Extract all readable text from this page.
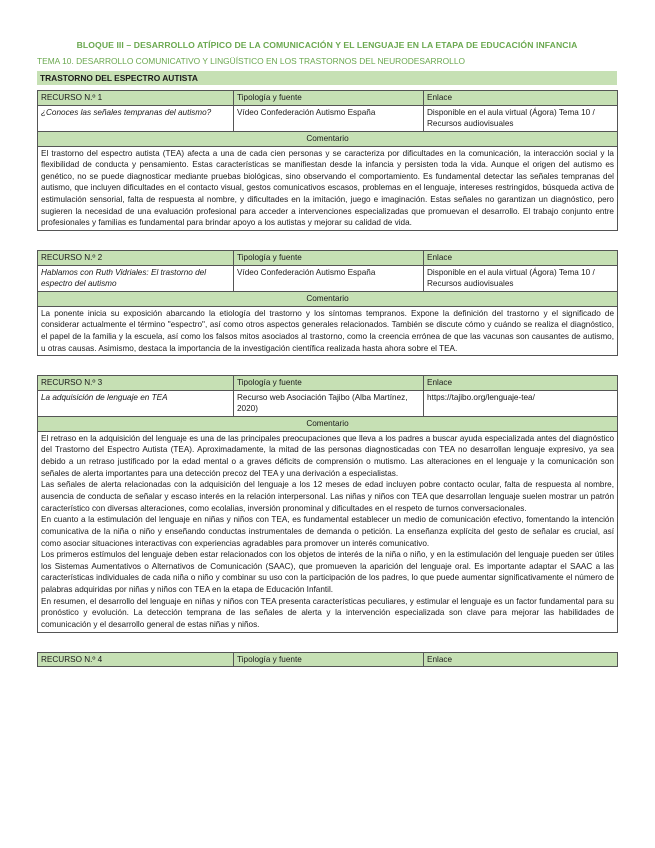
BLOQUE III – DESARROLLO ATÍPICO DE LA COMUNICACIÓN Y EL LENGUAJE EN LA ETAPA DE EDUCACIÓN INFANCIA
TEMA 10. DESARROLLO COMUNICATIVO Y LINGÜÍSTICO EN LOS TRASTORNOS DEL NEURODESARROLLO
TRASTORNO DEL ESPECTRO AUTISTA
RECURSO N.º 1	Tipología y fuente	Enlace
¿Conoces las señales tempranas del autismo?	Vídeo Confederación Autismo España	Disponible en el aula virtual (Ágora) Tema 10 / Recursos audiovisuales
Comentario		

El trastorno del espectro autista (TEA) afecta a una de cada cien personas y se caracteriza por dificultades en la comunicación, la interacción social y la flexibilidad de conducta y pensamiento. Estas características se manifiestan desde la infancia y persisten toda la vida. Aunque el origen del autismo es genético, no se puede diagnosticar mediante pruebas biológicas, sino observando el comportamiento. Es fundamental detectar las señales tempranas del autismo, que incluyen dificultades en el contacto visual, gestos comunicativos escasos, problemas en el lenguaje, intereses restringidos, búsqueda activa de estimulación sensorial, falta de respuesta al nombre, y dificultades en la imitación, juego e imaginación. Estas señales no garantizan un diagnóstico, pero sugieren la necesidad de una evaluación profesional para acceder a intervenciones especializadas que promuevan el desarrollo. El trabajo conjunto entre profesionales y familias es fundamental para brindar apoyo a los autistas y mejorar su calidad de vida.		

RECURSO N.º 2	Tipología y fuente	Enlace
Hablamos con Ruth Vidriales: El trastorno del espectro del autismo	Vídeo Confederación Autismo España	Disponible en el aula virtual (Ágora) Tema 10 / Recursos audiovisuales
Comentario		

La ponente inicia su exposición abarcando la etiología del trastorno y los síntomas tempranos. Expone la definición del trastorno y el significado de considerar actualmente el término "espectro", así como otros aspectos generales relacionados. También se discute cómo y cuándo se realiza el diagnóstico, el papel de la familia y la escuela, así como los falsos mitos asociados al trastorno, como la creencia errónea de que las vacunas son causantes de autismo, u otras causas. Asimismo, destaca la importancia de la investigación científica realizada hasta ahora sobre el TEA.		

RECURSO N.º 3	Tipología y fuente	Enlace
La adquisición de lenguaje en TEA	Recurso web Asociación Tajibo (Alba Martínez, 2020)	https://tajibo.org/lenguaje-tea/
Comentario		

El retraso en la adquisición del lenguaje es una de las principales preocupaciones que lleva a los padres a buscar ayuda especializada antes del diagnóstico del Trastorno del Espectro Autista (TEA). Aproximadamente, la mitad de las personas diagnosticadas con TEA no desarrollan lenguaje expresivo, ya sea debido a un retraso justificado por la edad mental o a graves déficits de comprensión o mutismo. Las alteraciones en el lenguaje y la comunicación son señales de alerta importantes para una detección precoz del TEA y una derivación a especialistas.

Las señales de alerta relacionadas con la adquisición del lenguaje a los 12 meses de edad incluyen pobre contacto ocular, falta de respuesta al nombre, ausencia de conducta de señalar y escaso interés en la relación interpersonal. Las niñas y niños con TEA que desarrollan lenguaje suelen mostrar un patrón característico con diversas alteraciones, como ecolalias, inversión pronominal y dificultades en el respeto de turnos conversacionales.

En cuanto a la estimulación del lenguaje en niñas y niños con TEA, es fundamental establecer un medio de comunicación efectivo, fomentando la intención comunicativa de la niña o niño y enseñando conductas instrumentales de demanda o petición. La enseñanza explícita del gesto de señalar es crucial, así como asociar situaciones interactivas con experiencias agradables para promover un interés comunicativo.

Los primeros estímulos del lenguaje deben estar relacionados con los objetos de interés de la niña o niño, y en la estimulación del lenguaje pueden ser útiles los Sistemas Aumentativos o Alternativos de Comunicación (SAAC), que promueven la aparición del lenguaje oral. Es importante adaptar el SAAC a las características individuales de cada niña o niño y combinar su uso con la participación de los padres, lo que puede aumentar significativamente el número de palabras adquiridas por niñas y niños con TEA en la etapa de Educación Infantil.

En resumen, el desarrollo del lenguaje en niñas y niños con TEA presenta características peculiares, y estimular el lenguaje es un factor fundamental para su pronóstico y evolución. La detección temprana de las señales de alerta y la intervención especializada son clave para mejorar las habilidades de comunicación y el desarrollo general de estas niñas y niños.		

RECURSO N.º 4	Tipología y fuente	Enlace
